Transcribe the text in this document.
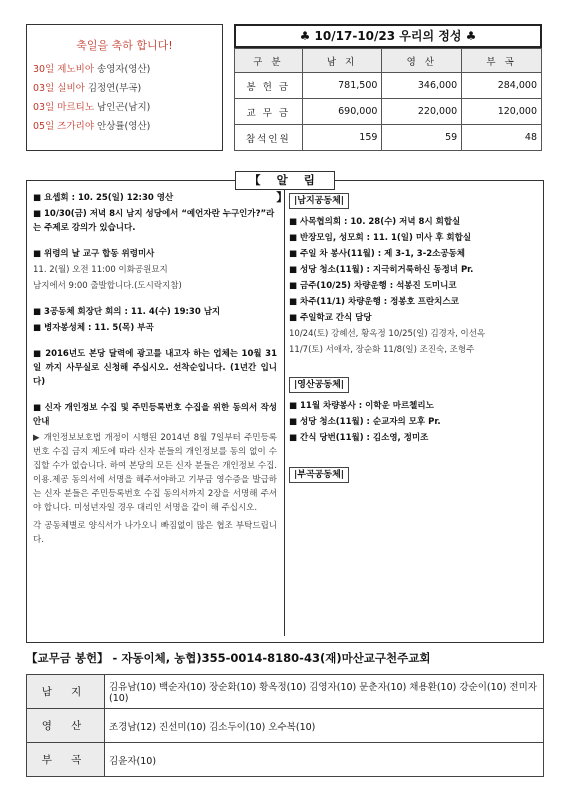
축일을 축하 합니다!
30일 제노비아 송영자(영산)
03일 실비아 김정연(부곡)
03일 마르티노 남인곤(남지)
05일 즈가리야 안상률(영산)
♣ 10/17-10/23 우리의 정성 ♣
구 분	남 지	영 산	부 곡
봉 헌 금	781,500	346,000	284,000
교 무 금	690,000	220,000	120,000
참석인원	159	59	48
【 알 림 】
■ 요셉회 : 10. 25(일) 12:30 영산
■ 10/30(금) 저녁 8시 남지 성당에서 “예언자란 누구인가?”라는 주제로 강의가 있습니다.
■ 위령의 날 교구 합동 위령미사
11. 2(월) 오전 11:00 이화공원묘지
남지에서 9:00 출발합니다.(도시락지참)
■ 3공동체 회장단 회의 : 11. 4(수) 19:30 남지
■ 병자봉성체 : 11. 5(목) 부곡
■ 2016년도 본당 달력에 광고를 내고자 하는 업체는 10월 31일 까지 사무실로 신청해 주십시오. 선착순입니다. (1년간 입니다)
■ 신자 개인정보 수집 및 주민등록번호 수집을 위한 동의서 작성 안내
▶ 개인정보보호법 개정이 시행된 2014년 8월 7일부터 주민등록번호 수집 금지 제도에 따라 신자 분들의 개인정보를 동의 없이 수집할 수가 없습니다. 하여 본당의 모든 신자 분들은 개인정보 수집.이용.제공 동의서에 서명을 해주셔야하고 기부금 영수증을 발급하는 신자 분들은 주민등록번호 수집 동의서까지 2장을 서명해 주셔야 합니다. 미성년자일 경우 대리인 서명을 같이 해 주십시오.
각 공동체별로 양식서가 나가오니 빠짐없이 많은 협조 부탁드립니다.
|남지공동체|
■ 사목협의회 : 10. 28(수) 저녁 8시 회합실
■ 반장모임, 성모회 : 11. 1(일) 미사 후 회합실
■ 주일 차 봉사(11월) : 제 3-1, 3-2소공동체
■ 성당 청소(11월) : 지극히거룩하신 동정녀 Pr.
■ 금주(10/25) 차량운행 : 석봉진 도미니코
■ 차주(11/1) 차량운행 : 정봉호 프란치스코
■ 주일학교 간식 담당
10/24(토) 강혜선, 황옥정 10/25(일) 김경자, 이선옥
11/7(토) 서애자, 장순화 11/8(일) 조진숙, 조형주
|영산공동체|
■ 11월 차량봉사 : 이학운 마르첼리노
■ 성당 청소(11월) : 순교자의 모후 Pr.
■ 간식 당번(11월) : 김소영, 정미조
|부곡공동체|
【교무금 봉헌】 - 자동이체, 농협)355-0014-8180-43(재)마산교구천주교회
남 지	김유남(10) 백순자(10) 장순화(10) 황옥정(10) 김영자(10) 문춘자(10) 채용환(10) 강순이(10) 전미자(10)
영 산	조경남(12) 진선미(10) 김소두이(10) 오수복(10)
부 곡	김윤자(10)
